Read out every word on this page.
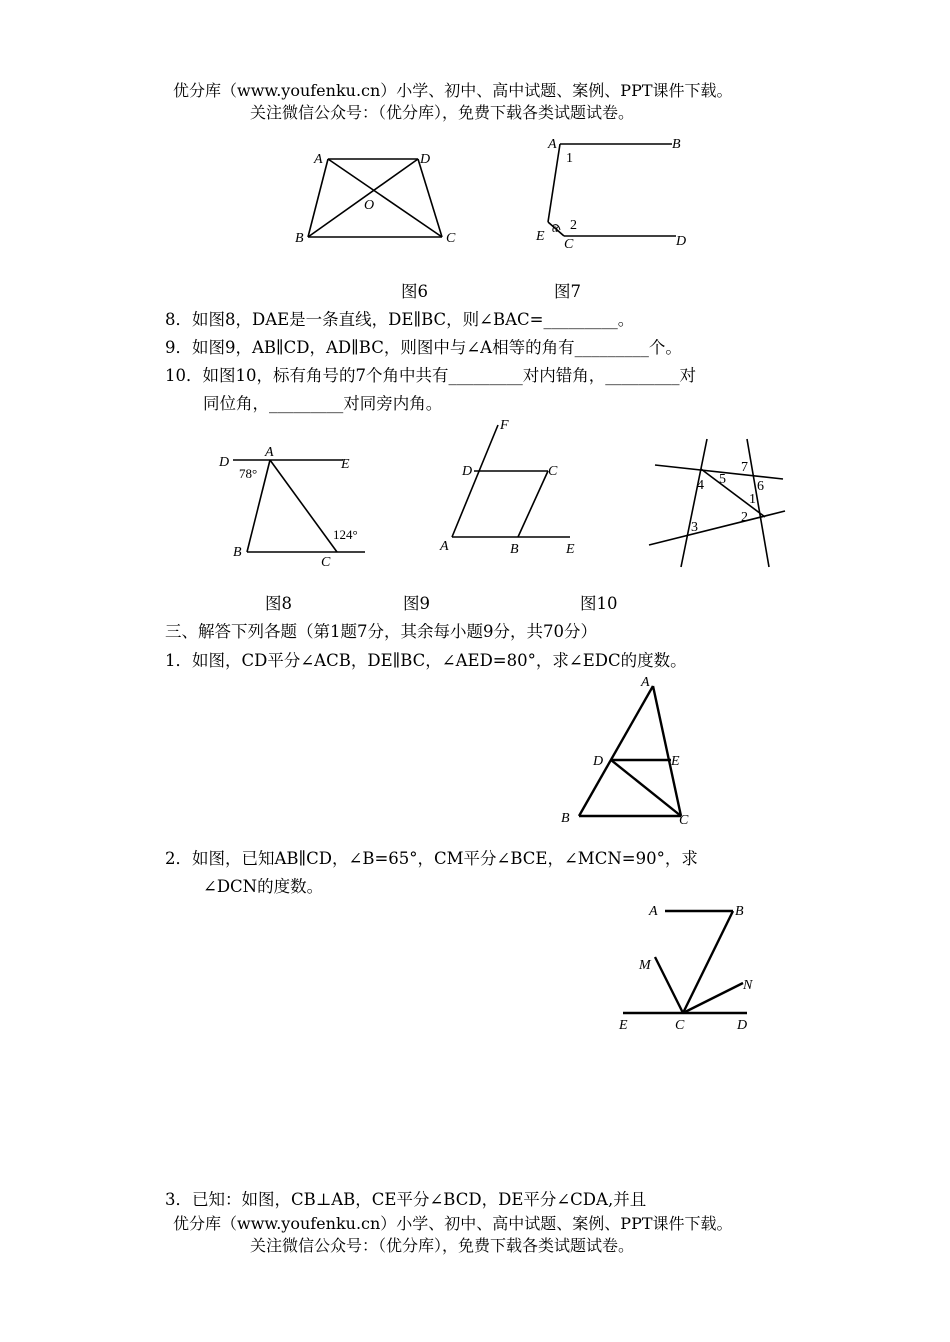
优分库（www.youfenku.cn）小学、初中、高中试题、案例、PPT课件下载。
关注微信公众号：（优分库），免费下载各类试题试卷。
A	D
O
B	C
A	B
1
2
α
E
C	D
图6	图7
8．如图8，DAE是一条直线，DE∥BC，则∠BAC=_________。
9．如图9，AB∥CD，AD∥BC，则图中与∠A相等的角有_________个。
10．如图10，标有角号的7个角中共有_________对内错角，_________对
同位角，_________对同旁内角。
D
A
E
78°
124°
B
C
F
D	C
A	B	E
7
4 5 6
1
2
3
图8	图9	图10
三、解答下列各题（第1题7分，其余每小题9分，共70分）
1．如图，CD平分∠ACB，DE∥BC，∠AED=80°，求∠EDC的度数。
A
D	E
B	C
2．如图，已知AB∥CD，∠B=65°，CM平分∠BCE，∠MCN=90°，求
∠DCN的度数。
A	B
M
N
E	C	D
3．已知：如图，CB⊥AB，CE平分∠BCD，DE平分∠CDA,并且
优分库（www.youfenku.cn）小学、初中、高中试题、案例、PPT课件下载。
关注微信公众号：（优分库），免费下载各类试题试卷。
